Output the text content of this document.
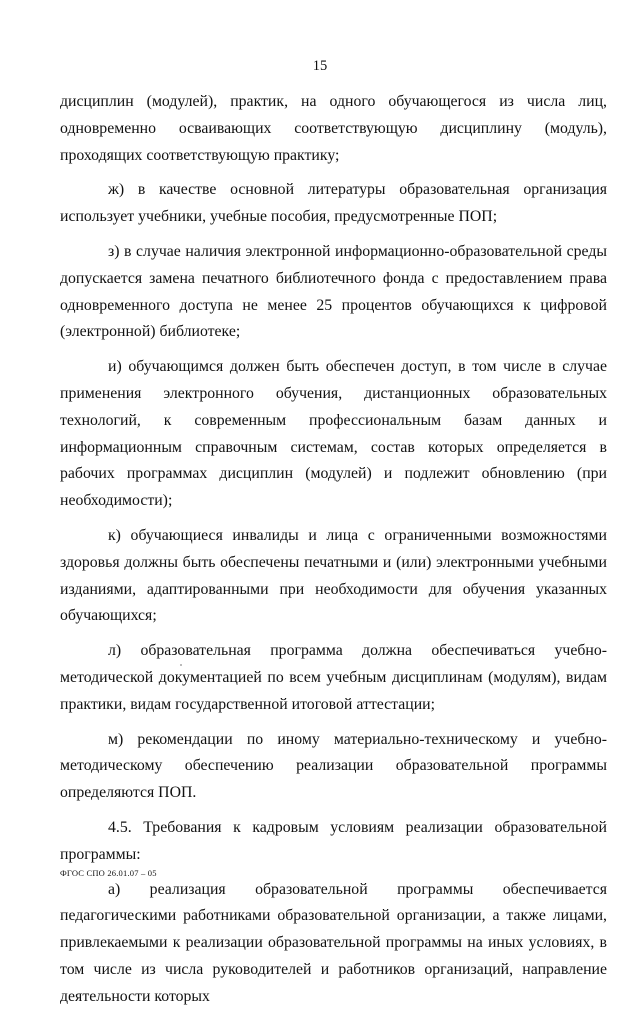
15

дисциплин (модулей), практик, на одного обучающегося из числа лиц, одновременно осваивающих соответствующую дисциплину (модуль), проходящих соответствующую практику;

ж) в качестве основной литературы образовательная организация использует учебники, учебные пособия, предусмотренные ПОП;

з) в случае наличия электронной информационно-образовательной среды допускается замена печатного библиотечного фонда с предоставлением права одновременного доступа не менее 25 процентов обучающихся к цифровой (электронной) библиотеке;

и) обучающимся должен быть обеспечен доступ, в том числе в случае применения электронного обучения, дистанционных образовательных технологий, к современным профессиональным базам данных и информационным справочным системам, состав которых определяется в рабочих программах дисциплин (модулей) и подлежит обновлению (при необходимости);

к) обучающиеся инвалиды и лица с ограниченными возможностями здоровья должны быть обеспечены печатными и (или) электронными учебными изданиями, адаптированными при необходимости для обучения указанных обучающихся;

л) образовательная программа должна обеспечиваться учебно-методической документацией по всем учебным дисциплинам (модулям), видам практики, видам государственной итоговой аттестации;

м) рекомендации по иному материально-техническому и учебно-методическому обеспечению реализации образовательной программы определяются ПОП.

4.5. Требования к кадровым условиям реализации образовательной программы:

а) реализация образовательной программы обеспечивается педагогическими работниками образовательной организации, а также лицами, привлекаемыми к реализации образовательной программы на иных условиях, в том числе из числа руководителей и работников организаций, направление деятельности которых

ФГОС СПО 26.01.07 – 05
